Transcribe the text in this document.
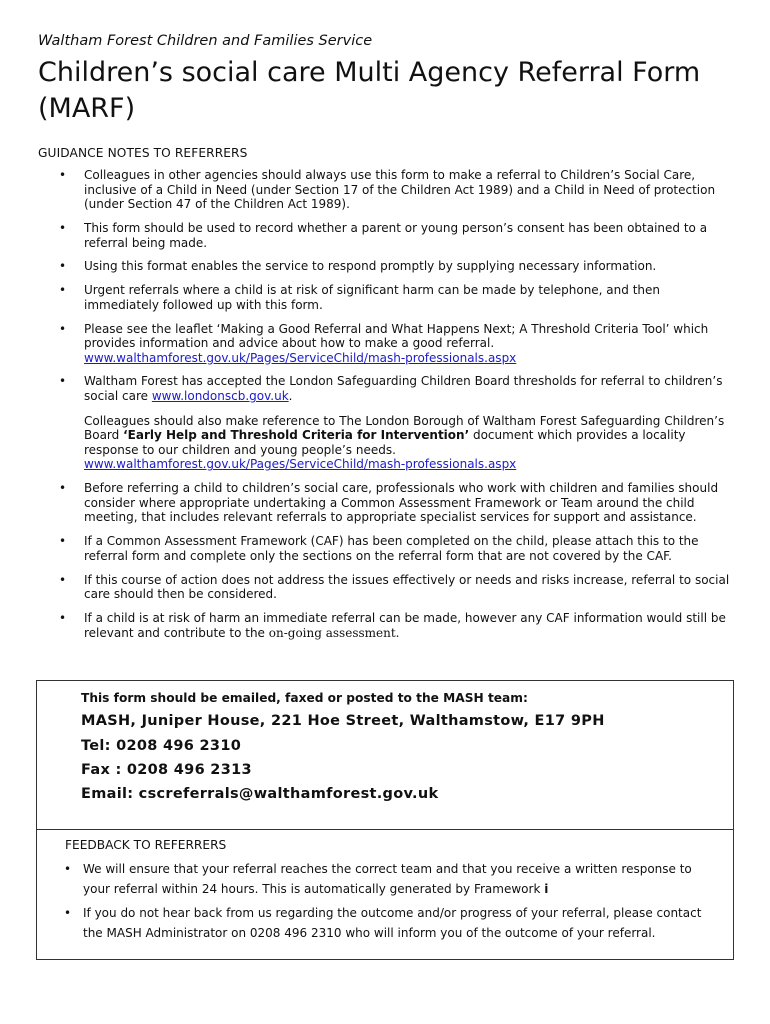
Waltham Forest Children and Families Service
Children’s social care Multi Agency Referral Form (MARF)
GUIDANCE NOTES TO REFERRERS
• Colleagues in other agencies should always use this form to make a referral to Children’s Social Care, inclusive of a Child in Need (under Section 17 of the Children Act 1989) and a Child in Need of protection (under Section 47 of the Children Act 1989).
• This form should be used to record whether a parent or young person’s consent has been obtained to a referral being made.
• Using this format enables the service to respond promptly by supplying necessary information.
• Urgent referrals where a child is at risk of significant harm can be made by telephone, and then immediately followed up with this form.
• Please see the leaflet ‘Making a Good Referral and What Happens Next; A Threshold Criteria Tool’ which provides information and advice about how to make a good referral.
www.walthamforest.gov.uk/Pages/ServiceChild/mash-professionals.aspx
• Waltham Forest has accepted the London Safeguarding Children Board thresholds for referral to children’s social care www.londonscb.gov.uk.

Colleagues should also make reference to The London Borough of Waltham Forest Safeguarding Children’s Board ‘Early Help and Threshold Criteria for Intervention’ document which provides a locality response to our children and young people’s needs.
www.walthamforest.gov.uk/Pages/ServiceChild/mash-professionals.aspx

• Before referring a child to children’s social care, professionals who work with children and families should consider where appropriate undertaking a Common Assessment Framework or Team around the child meeting, that includes relevant referrals to appropriate specialist services for support and assistance.
• If a Common Assessment Framework (CAF) has been completed on the child, please attach this to the referral form and complete only the sections on the referral form that are not covered by the CAF.
• If this course of action does not address the issues effectively or needs and risks increase, referral to social care should then be considered.
• If a child is at risk of harm an immediate referral can be made, however any CAF information would still be relevant and contribute to the on-going assessment.
This form should be emailed, faxed or posted to the MASH team:
MASH, Juniper House, 221 Hoe Street, Walthamstow, E17 9PH
Tel: 0208 496 2310
Fax : 0208 496 2313
Email: cscreferrals@walthamforest.gov.uk
FEEDBACK TO REFERRERS
• We will ensure that your referral reaches the correct team and that you receive a written response to your referral within 24 hours. This is automatically generated by Framework i
• If you do not hear back from us regarding the outcome and/or progress of your referral, please contact the MASH Administrator on 0208 496 2310 who will inform you of the outcome of your referral.
